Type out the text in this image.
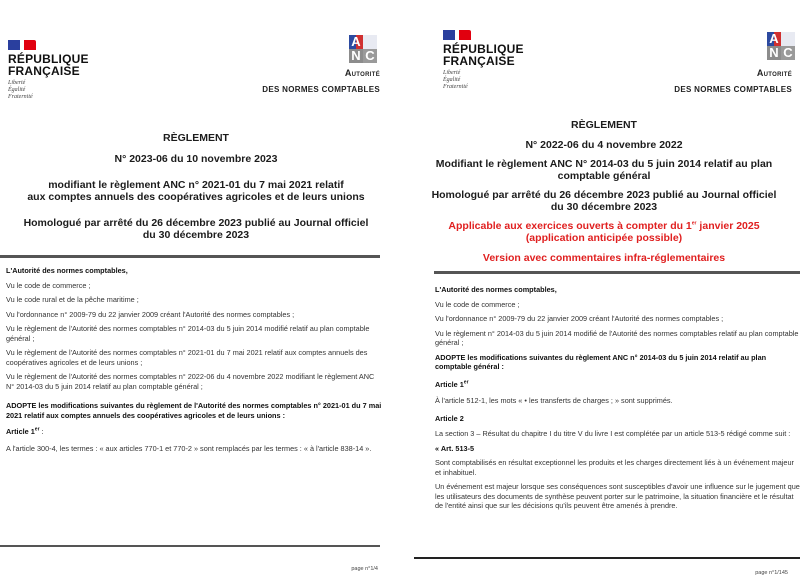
RÉPUBLIQUE
FRANÇAISE
Liberté
Égalité
Fraternité
A
N C
Autorité
DES NORMES COMPTABLES
RÈGLEMENT
N° 2023-06 du 10 novembre 2023
modifiant le règlement ANC n° 2021-01 du 7 mai 2021 relatif
aux comptes annuels des coopératives agricoles et de leurs unions
Homologué par arrêté du 26 décembre 2023 publié au Journal officiel
du 30 décembre 2023

L'Autorité des normes comptables,

Vu le code de commerce ;

Vu le code rural et de la pêche maritime ;

Vu l'ordonnance n° 2009-79 du 22 janvier 2009 créant l'Autorité des normes comptables ;

Vu le règlement de l'Autorité des normes comptables n° 2014-03 du 5 juin 2014 modifié relatif au plan comptable général ;

Vu le règlement de l'Autorité des normes comptables n° 2021-01 du 7 mai 2021 relatif aux comptes annuels des coopératives agricoles et de leurs unions ;

Vu le règlement de l'Autorité des normes comptables n° 2022-06 du 4 novembre 2022 modifiant le règlement ANC N° 2014-03 du 5 juin 2014 relatif au plan comptable général ;

ADOPTE les modifications suivantes du règlement de l'Autorité des normes comptables n° 2021-01 du 7 mai 2021 relatif aux comptes annuels des coopératives agricoles et de leurs unions :

Article 1er :

A l'article 300-4, les termes : « aux articles 770-1 et 770-2 » sont remplacés par les termes : « à l'article 838-14 ».

page n°1/4
RÉPUBLIQUE
FRANÇAISE
Liberté
Égalité
Fraternité
A
N C
Autorité
DES NORMES COMPTABLES
RÈGLEMENT
N° 2022-06 du 4 novembre 2022
Modifiant le règlement ANC N° 2014-03 du 5 juin 2014 relatif au plan
comptable général
Homologué par arrêté du 26 décembre 2023 publié au Journal officiel
du 30 décembre 2023
Applicable aux exercices ouverts à compter du 1er janvier 2025
(application anticipée possible)
Version avec commentaires infra-réglementaires

L'Autorité des normes comptables,

Vu le code de commerce ;

Vu l'ordonnance n° 2009-79 du 22 janvier 2009 créant l'Autorité des normes comptables ;

Vu le règlement n° 2014-03 du 5 juin 2014 modifié de l'Autorité des normes comptables relatif au plan comptable général ;

ADOPTE les modifications suivantes du règlement ANC n° 2014-03 du 5 juin 2014 relatif au plan comptable général :

Article 1er

À l'article 512-1, les mots « • les transferts de charges ; » sont supprimés.

Article 2

La section 3 – Résultat du chapitre I du titre V du livre I est complétée par un article 513-5 rédigé comme suit :

« Art. 513-5

Sont comptabilisés en résultat exceptionnel les produits et les charges directement liés à un événement majeur et inhabituel.

Un événement est majeur lorsque ses conséquences sont susceptibles d'avoir une influence sur le jugement que les utilisateurs des documents de synthèse peuvent porter sur le patrimoine, la situation financière et le résultat de l'entité ainsi que sur les décisions qu'ils peuvent être amenés à prendre.

page n°1/145
